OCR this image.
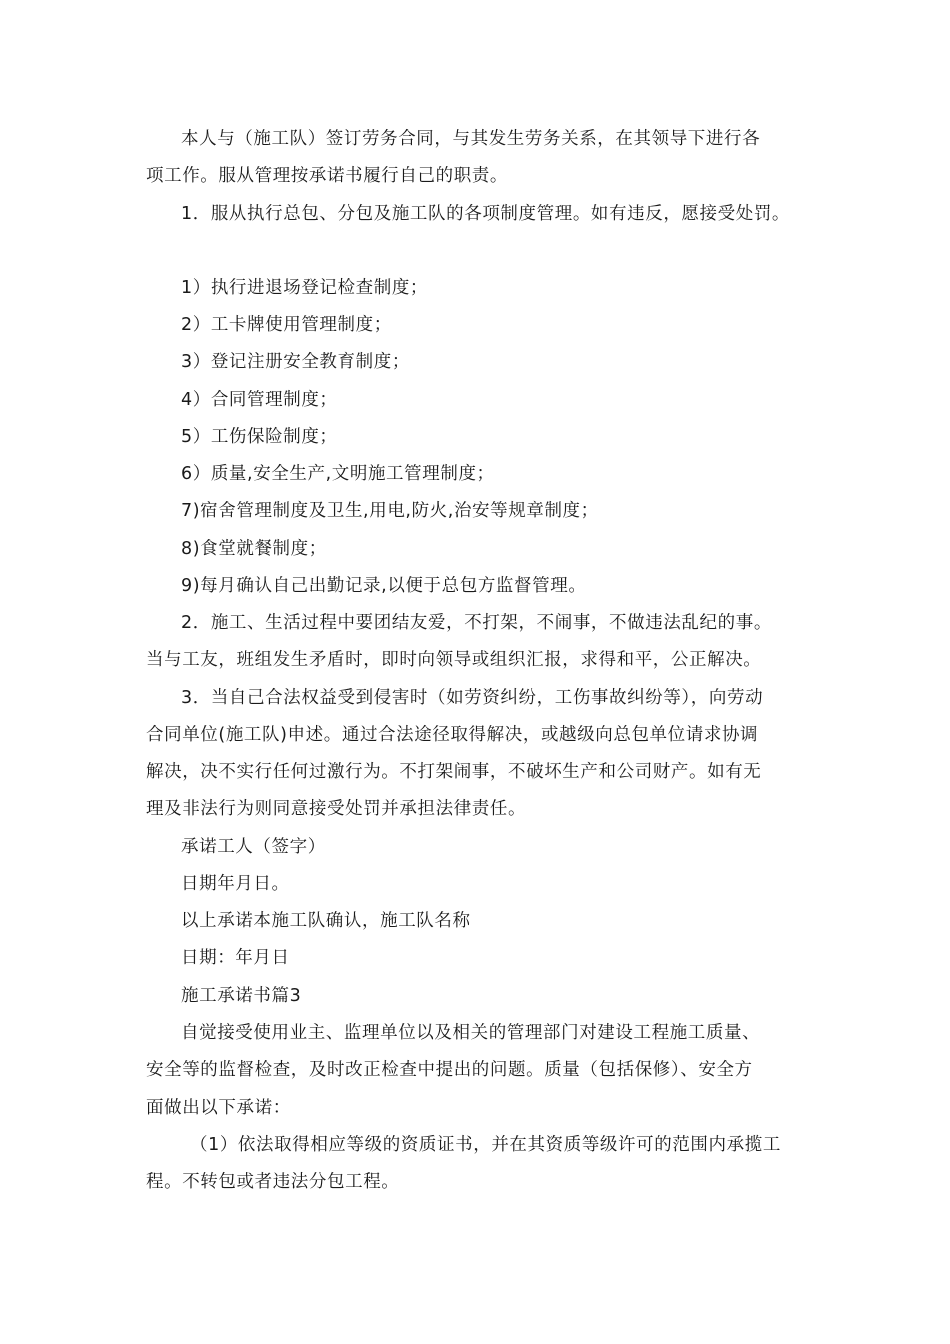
本人与（施工队）签订劳务合同，与其发生劳务关系，在其领导下进行各
项工作。服从管理按承诺书履行自己的职责。
1．服从执行总包、分包及施工队的各项制度管理。如有违反，愿接受处罚。
1）执行进退场登记检查制度；
2）工卡牌使用管理制度；
3）登记注册安全教育制度；
4）合同管理制度；
5）工伤保险制度；
6）质量,安全生产,文明施工管理制度；
7)宿舍管理制度及卫生,用电,防火,治安等规章制度；
8)食堂就餐制度；
9)每月确认自己出勤记录,以便于总包方监督管理。
2．施工、生活过程中要团结友爱，不打架，不闹事，不做违法乱纪的事。
当与工友，班组发生矛盾时，即时向领导或组织汇报，求得和平，公正解决。
3．当自己合法权益受到侵害时（如劳资纠纷，工伤事故纠纷等），向劳动
合同单位(施工队)申述。通过合法途径取得解决，或越级向总包单位请求协调
解决，决不实行任何过激行为。不打架闹事，不破坏生产和公司财产。如有无
理及非法行为则同意接受处罚并承担法律责任。
承诺工人（签字）
日期年月日。
以上承诺本施工队确认，施工队名称
日期：年月日
施工承诺书篇3
自觉接受使用业主、监理单位以及相关的管理部门对建设工程施工质量、
安全等的监督检查，及时改正检查中提出的问题。质量（包括保修）、安全方
面做出以下承诺：
（1）依法取得相应等级的资质证书，并在其资质等级许可的范围内承揽工
程。不转包或者违法分包工程。
